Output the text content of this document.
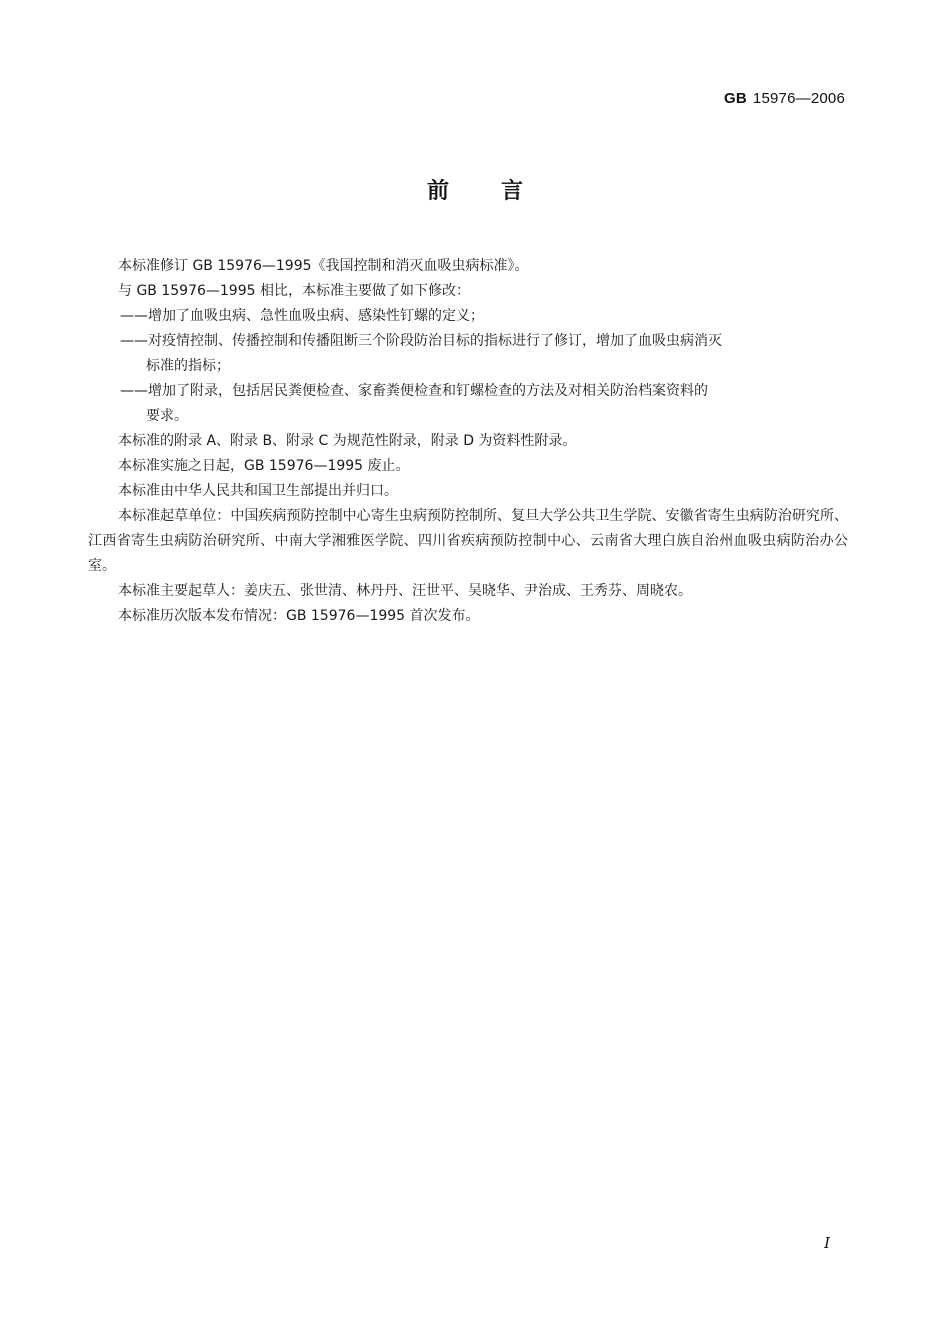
GB 15976—2006
前 言

本标准修订 GB 15976—1995《我国控制和消灭血吸虫病标准》。

与 GB 15976—1995 相比，本标准主要做了如下修改：

——增加了血吸虫病、急性血吸虫病、感染性钉螺的定义；

——对疫情控制、传播控制和传播阻断三个阶段防治目标的指标进行了修订，增加了血吸虫病消灭

标准的指标；

——增加了附录，包括居民粪便检查、家畜粪便检查和钉螺检查的方法及对相关防治档案资料的

要求。

本标准的附录 A、附录 B、附录 C 为规范性附录，附录 D 为资料性附录。

本标准实施之日起，GB 15976—1995 废止。

本标准由中华人民共和国卫生部提出并归口。

本标准起草单位：中国疾病预防控制中心寄生虫病预防控制所、复旦大学公共卫生学院、安徽省寄生虫病防治研究所、江西省寄生虫病防治研究所、中南大学湘雅医学院、四川省疾病预防控制中心、云南省大理白族自治州血吸虫病防治办公室。

本标准主要起草人：姜庆五、张世清、林丹丹、汪世平、吴晓华、尹治成、王秀芬、周晓农。

本标准历次版本发布情况：GB 15976—1995 首次发布。

I
